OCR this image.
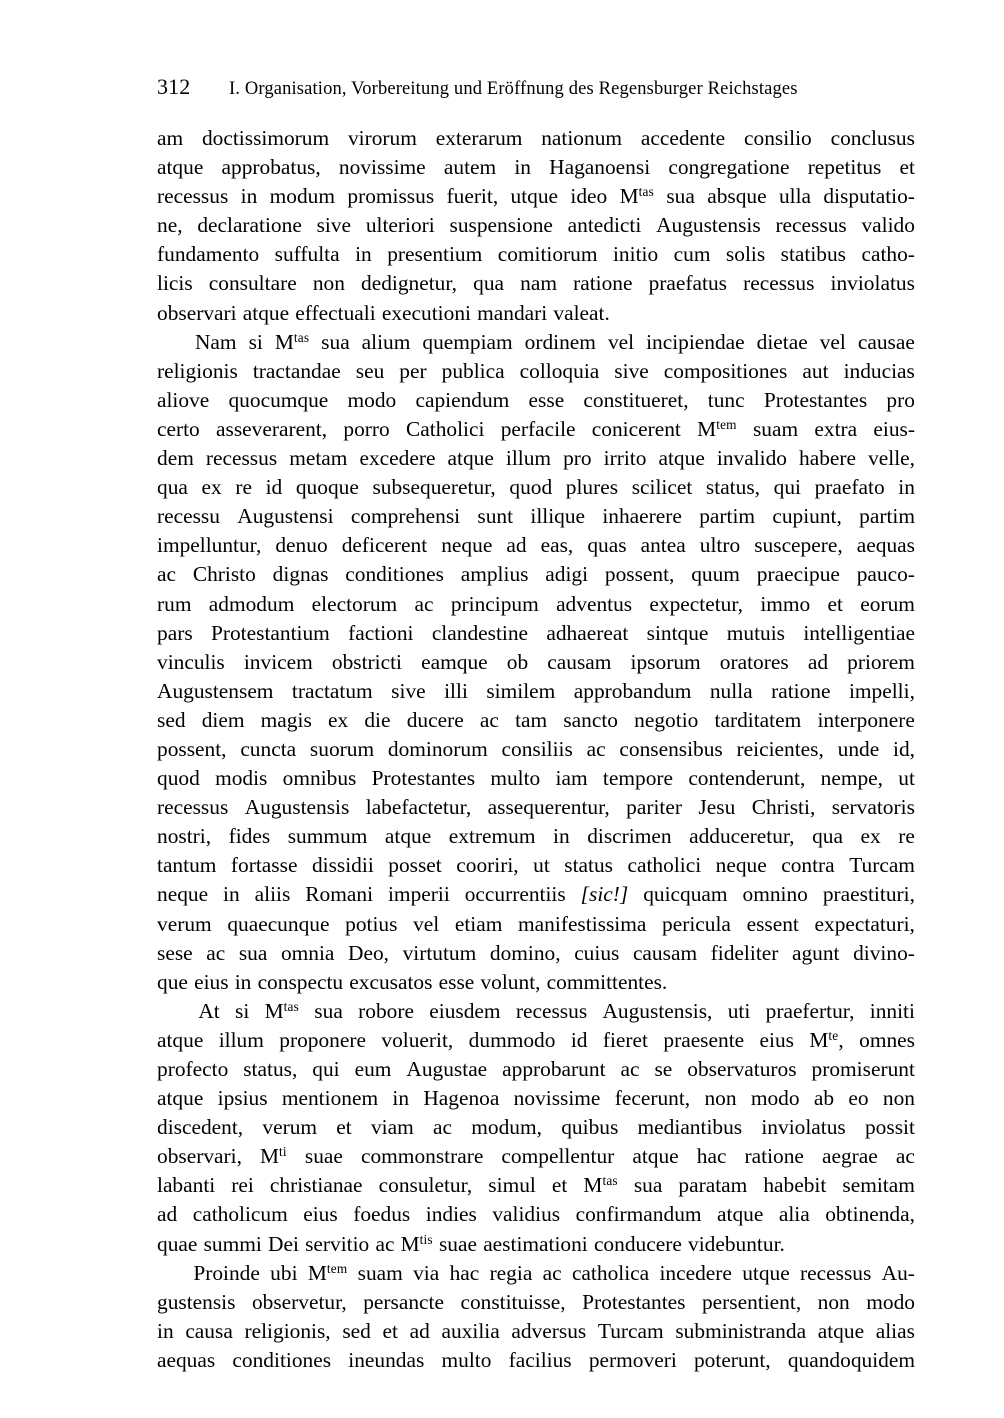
312	I. Organisation, Vorbereitung und Eröffnung des Regensburger Reichstages
am doctissimorum virorum exterarum nationum accedente consilio conclusus
atque approbatus, novissime autem in Haganoensi congregatione repetitus et
recessus in modum promissus fuerit, utque ideo $M^{tas}$ sua absque ulla disputatio-
ne, declaratione sive ulteriori suspensione antedicti Augustensis recessus valido
fundamento suffulta in presentium comitiorum initio cum solis statibus catho-
licis consultare non dedignetur, qua nam ratione praefatus recessus inviolatus
observari atque effectuali executioni mandari valeat.
Nam si $M^{tas}$ sua alium quempiam ordinem vel incipiendae dietae vel causae
religionis tractandae seu per publica colloquia sive compositiones aut inducias
aliove quocumque modo capiendum esse constitueret, tunc Protestantes pro
certo asseverarent, porro Catholici perfacile conicerent $M^{tem}$ suam extra eius-
dem recessus metam excedere atque illum pro irrito atque invalido habere velle,
qua ex re id quoque subsequeretur, quod plures scilicet status, qui praefato in
recessu Augustensi comprehensi sunt illique inhaerere partim cupiunt, partim
impelluntur, denuo deficerent neque ad eas, quas antea ultro suscepere, aequas
ac Christo dignas conditiones amplius adigi possent, quum praecipue pauco-
rum admodum electorum ac principum adventus expectetur, immo et eorum
pars Protestantium factioni clandestine adhaereat sintque mutuis intelligentiae
vinculis invicem obstricti eamque ob causam ipsorum oratores ad priorem
Augustensem tractatum sive illi similem approbandum nulla ratione impelli,
sed diem magis ex die ducere ac tam sancto negotio tarditatem interponere
possent, cuncta suorum dominorum consiliis ac consensibus reicientes, unde id,
quod modis omnibus Protestantes multo iam tempore contenderunt, nempe, ut
recessus Augustensis labefactetur, assequerentur, pariter Jesu Christi, servatoris
nostri, fides summum atque extremum in discrimen adduceretur, qua ex re
tantum fortasse dissidii posset cooriri, ut status catholici neque contra Turcam
neque in aliis Romani imperii occurrentiis [sic!] quicquam omnino praestituri,
verum quaecunque potius vel etiam manifestissima pericula essent expectaturi,
sese ac sua omnia Deo, virtutum domino, cuius causam fideliter agunt divino-
que eius in conspectu excusatos esse volunt, committentes.
At si $M^{tas}$ sua robore eiusdem recessus Augustensis, uti praefertur, inniti
atque illum proponere voluerit, dummodo id fieret praesente eius $M^{te}$, omnes
profecto status, qui eum Augustae approbarunt ac se observaturos promiserunt
atque ipsius mentionem in Hagenoa novissime fecerunt, non modo ab eo non
discedent, verum et viam ac modum, quibus mediantibus inviolatus possit
observari, $M^{ti}$ suae commonstrare compellentur atque hac ratione aegrae ac
labanti rei christianae consuletur, simul et $M^{tas}$ sua paratam habebit semitam
ad catholicum eius foedus indies validius confirmandum atque alia obtinenda,
quae summi Dei servitio ac $M^{tis}$ suae aestimationi conducere videbuntur.
Proinde ubi $M^{tem}$ suam via hac regia ac catholica incedere utque recessus Au-
gustensis observetur, persancte constituisse, Protestantes persentient, non modo
in causa religionis, sed et ad auxilia adversus Turcam subministranda atque alias
aequas conditiones ineundas multo facilius permoveri poterunt, quandoquidem
